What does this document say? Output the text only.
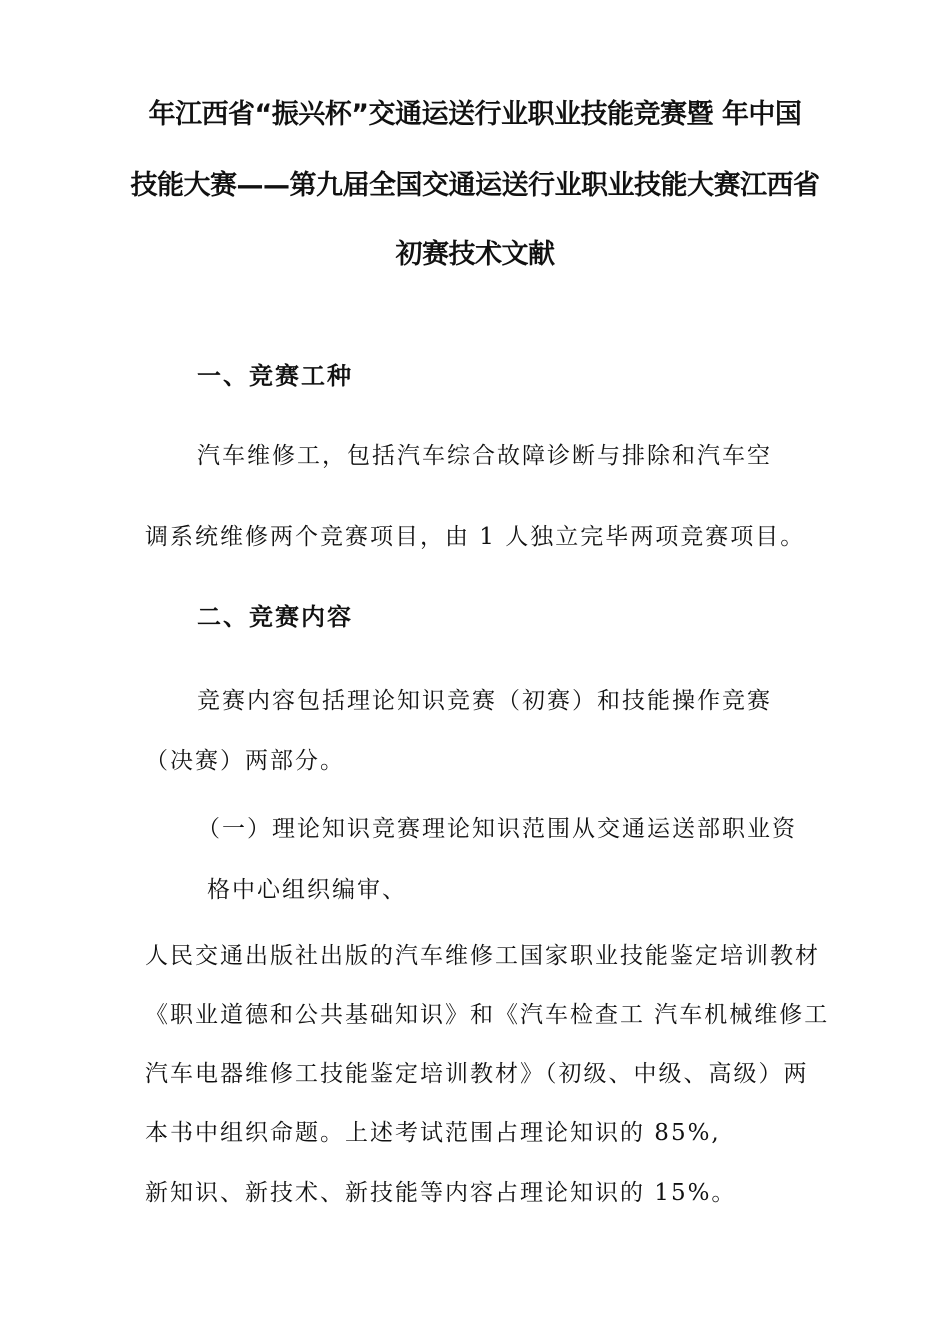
年江西省“振兴杯”交通运送行业职业技能竞赛暨 年中国
技能大赛——第九届全国交通运送行业职业技能大赛江西省
初赛技术文献
一、竞赛工种
汽车维修工，包括汽车综合故障诊断与排除和汽车空
调系统维修两个竞赛项目，由 1 人独立完毕两项竞赛项目。
二、竞赛内容
竞赛内容包括理论知识竞赛（初赛）和技能操作竞赛
（决赛）两部分。
（一）理论知识竞赛理论知识范围从交通运送部职业资
格中心组织编审、
人民交通出版社出版的汽车维修工国家职业技能鉴定培训教材
《职业道德和公共基础知识》和《汽车检查工 汽车机械维修工
汽车电器维修工技能鉴定培训教材》（初级、中级、高级）两
本书中组织命题。上述考试范围占理论知识的 85%,
新知识、新技术、新技能等内容占理论知识的 15%。
